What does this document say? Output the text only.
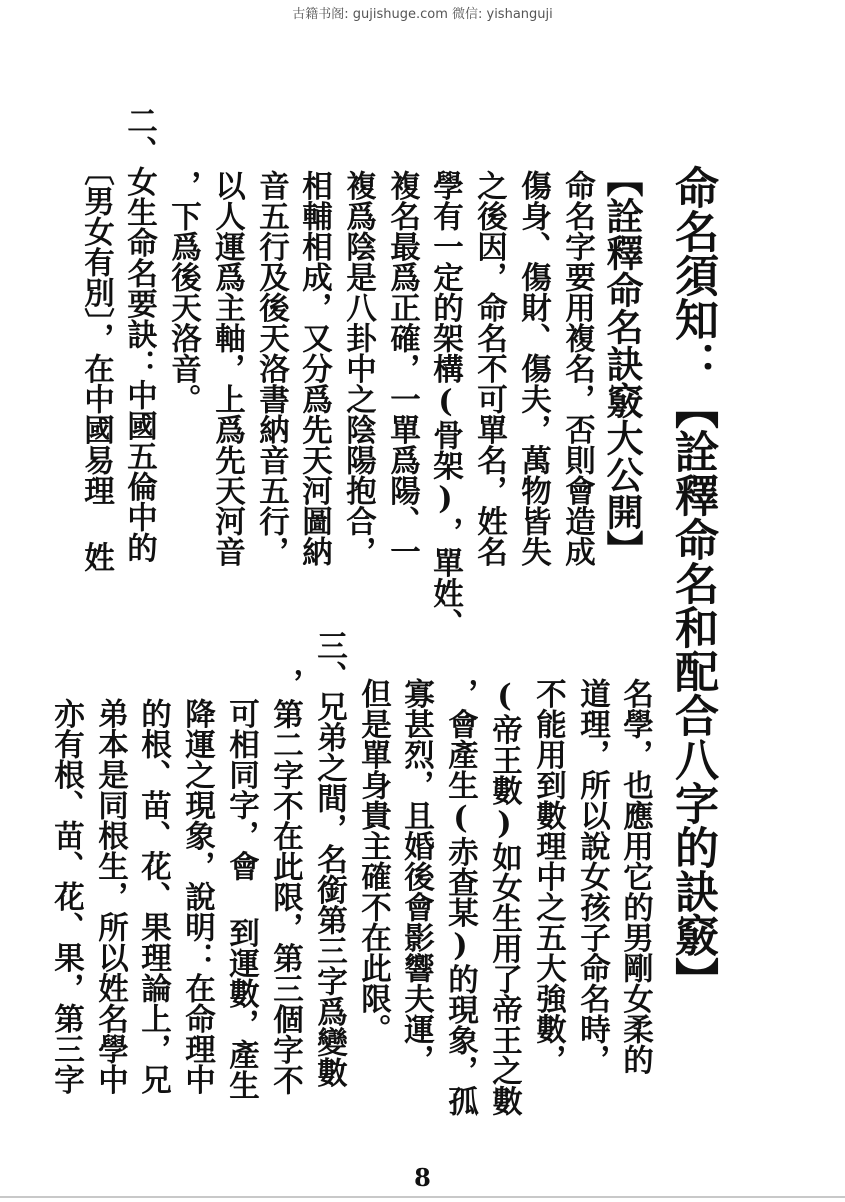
古籍书阁: gujishuge.com 微信: yishanguji
命名須知：【詮釋命名和配合八字的訣竅】
【詮釋命名訣竅大公開】
命名字要用複名，否則會造成
傷身、傷財、傷夫，萬物皆失
之後因，命名不可單名，姓名
學有一定的架構(骨架)，單姓、
複名最爲正確，一單爲陽、一
複爲陰是八卦中之陰陽抱合，
相輔相成，又分爲先天河圖納
音五行及後天洛書納音五行，
以人運爲主軸，上爲先天河音
，下爲後天洛音。
二、女生命名要訣：中國五倫中的
〔男女有別〕，在中國易理 姓
名學，也應用它的男剛女柔的
道理，所以說女孩子命名時，
不能用到數理中之五大強數，
(帝王數)如女生用了帝王之數
，會產生(赤查某)的現象，孤
寡甚烈，且婚後會影響夫運，
但是單身貴主確不在此限。
三、兄弟之間，名銜第三字爲變數
，第二字不在此限，第三個字不
可相同字，會 到運數，產生
降運之現象，說明：在命理中
的根、苗、花、果理論上，兄
弟本是同根生，所以姓名學中
亦有根、苗、花、果，第三字
8
